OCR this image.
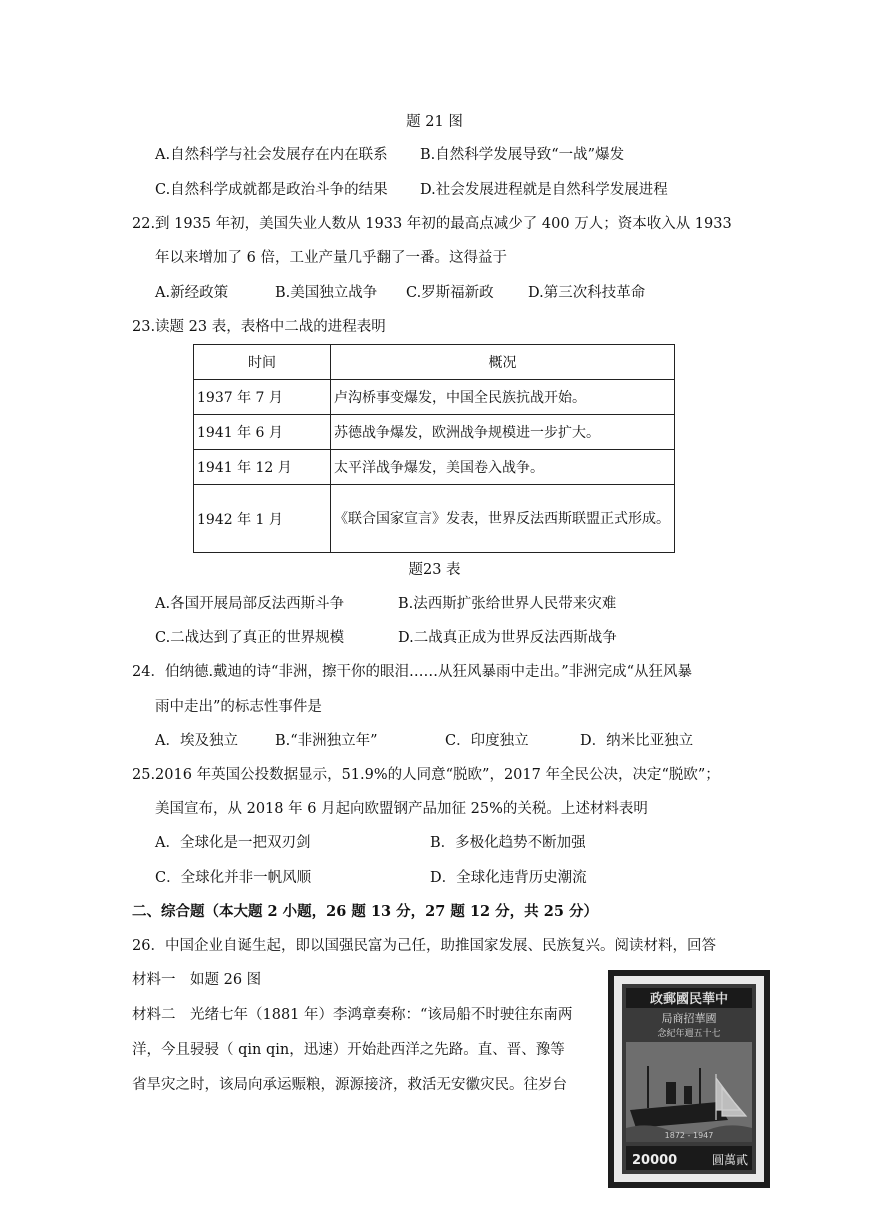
题 21 图
A.自然科学与社会发展存在内在联系 B.自然科学发展导致“一战”爆发
C.自然科学成就都是政治斗争的结果 D.社会发展进程就是自然科学发展进程
22.到 1935 年初，美国失业人数从 1933 年初的最高点减少了 400 万人；资本收入从 1933
年以来增加了 6 倍，工业产量几乎翻了一番。这得益于
A.新经政策	B.美国独立战争 C.罗斯福新政 D.第三次科技革命
23.读题 23 表，表格中二战的进程表明
时间	概况
1937 年 7 月	卢沟桥事变爆发，中国全民族抗战开始。
1941 年 6 月	苏德战争爆发，欧洲战争规模进一步扩大。
1941 年 12 月	太平洋战争爆发，美国卷入战争。
1942 年 1 月	《联合国家宣言》发表，世界反法西斯联盟正式形成。
题23 表
A.各国开展局部反法西斯斗争	B.法西斯扩张给世界人民带来灾难
C.二战达到了真正的世界规模	D.二战真正成为世界反法西斯战争
24．伯纳德.戴迪的诗“非洲，擦干你的眼泪……从狂风暴雨中走出。”非洲完成“从狂风暴
雨中走出”的标志性事件是
A．埃及独立	B.“非洲独立年”	C．印度独立	D．纳米比亚独立
25.2016 年英国公投数据显示，51.9%的人同意“脱欧”，2017 年全民公决，决定“脱欧”；
美国宣布，从 2018 年 6 月起向欧盟钢产品加征 25%的关税。上述材料表明
A．全球化是一把双刃剑	B．多极化趋势不断加强
C．全球化并非一帆风顺	D．全球化违背历史潮流
二、综合题（本大题 2 小题，26 题 13 分，27 题 12 分，共 25 分）
26．中国企业自诞生起，即以国强民富为己任，助推国家发展、民族复兴。阅读材料，回答
材料一　如题 26 图
材料二　光绪七年（1881 年）李鸿章奏称：“该局船不时驶往东南两
洋，今且骎骎（ qin qin，迅速）开始赴西洋之先路。直、晋、豫等
省旱灾之时，该局向承运赈粮，源源接济，救活无安徽灾民。往岁台
政郵國民華中
局商招華國
念紀年週五十七
1872 - 1947
20000	圓萬貳
